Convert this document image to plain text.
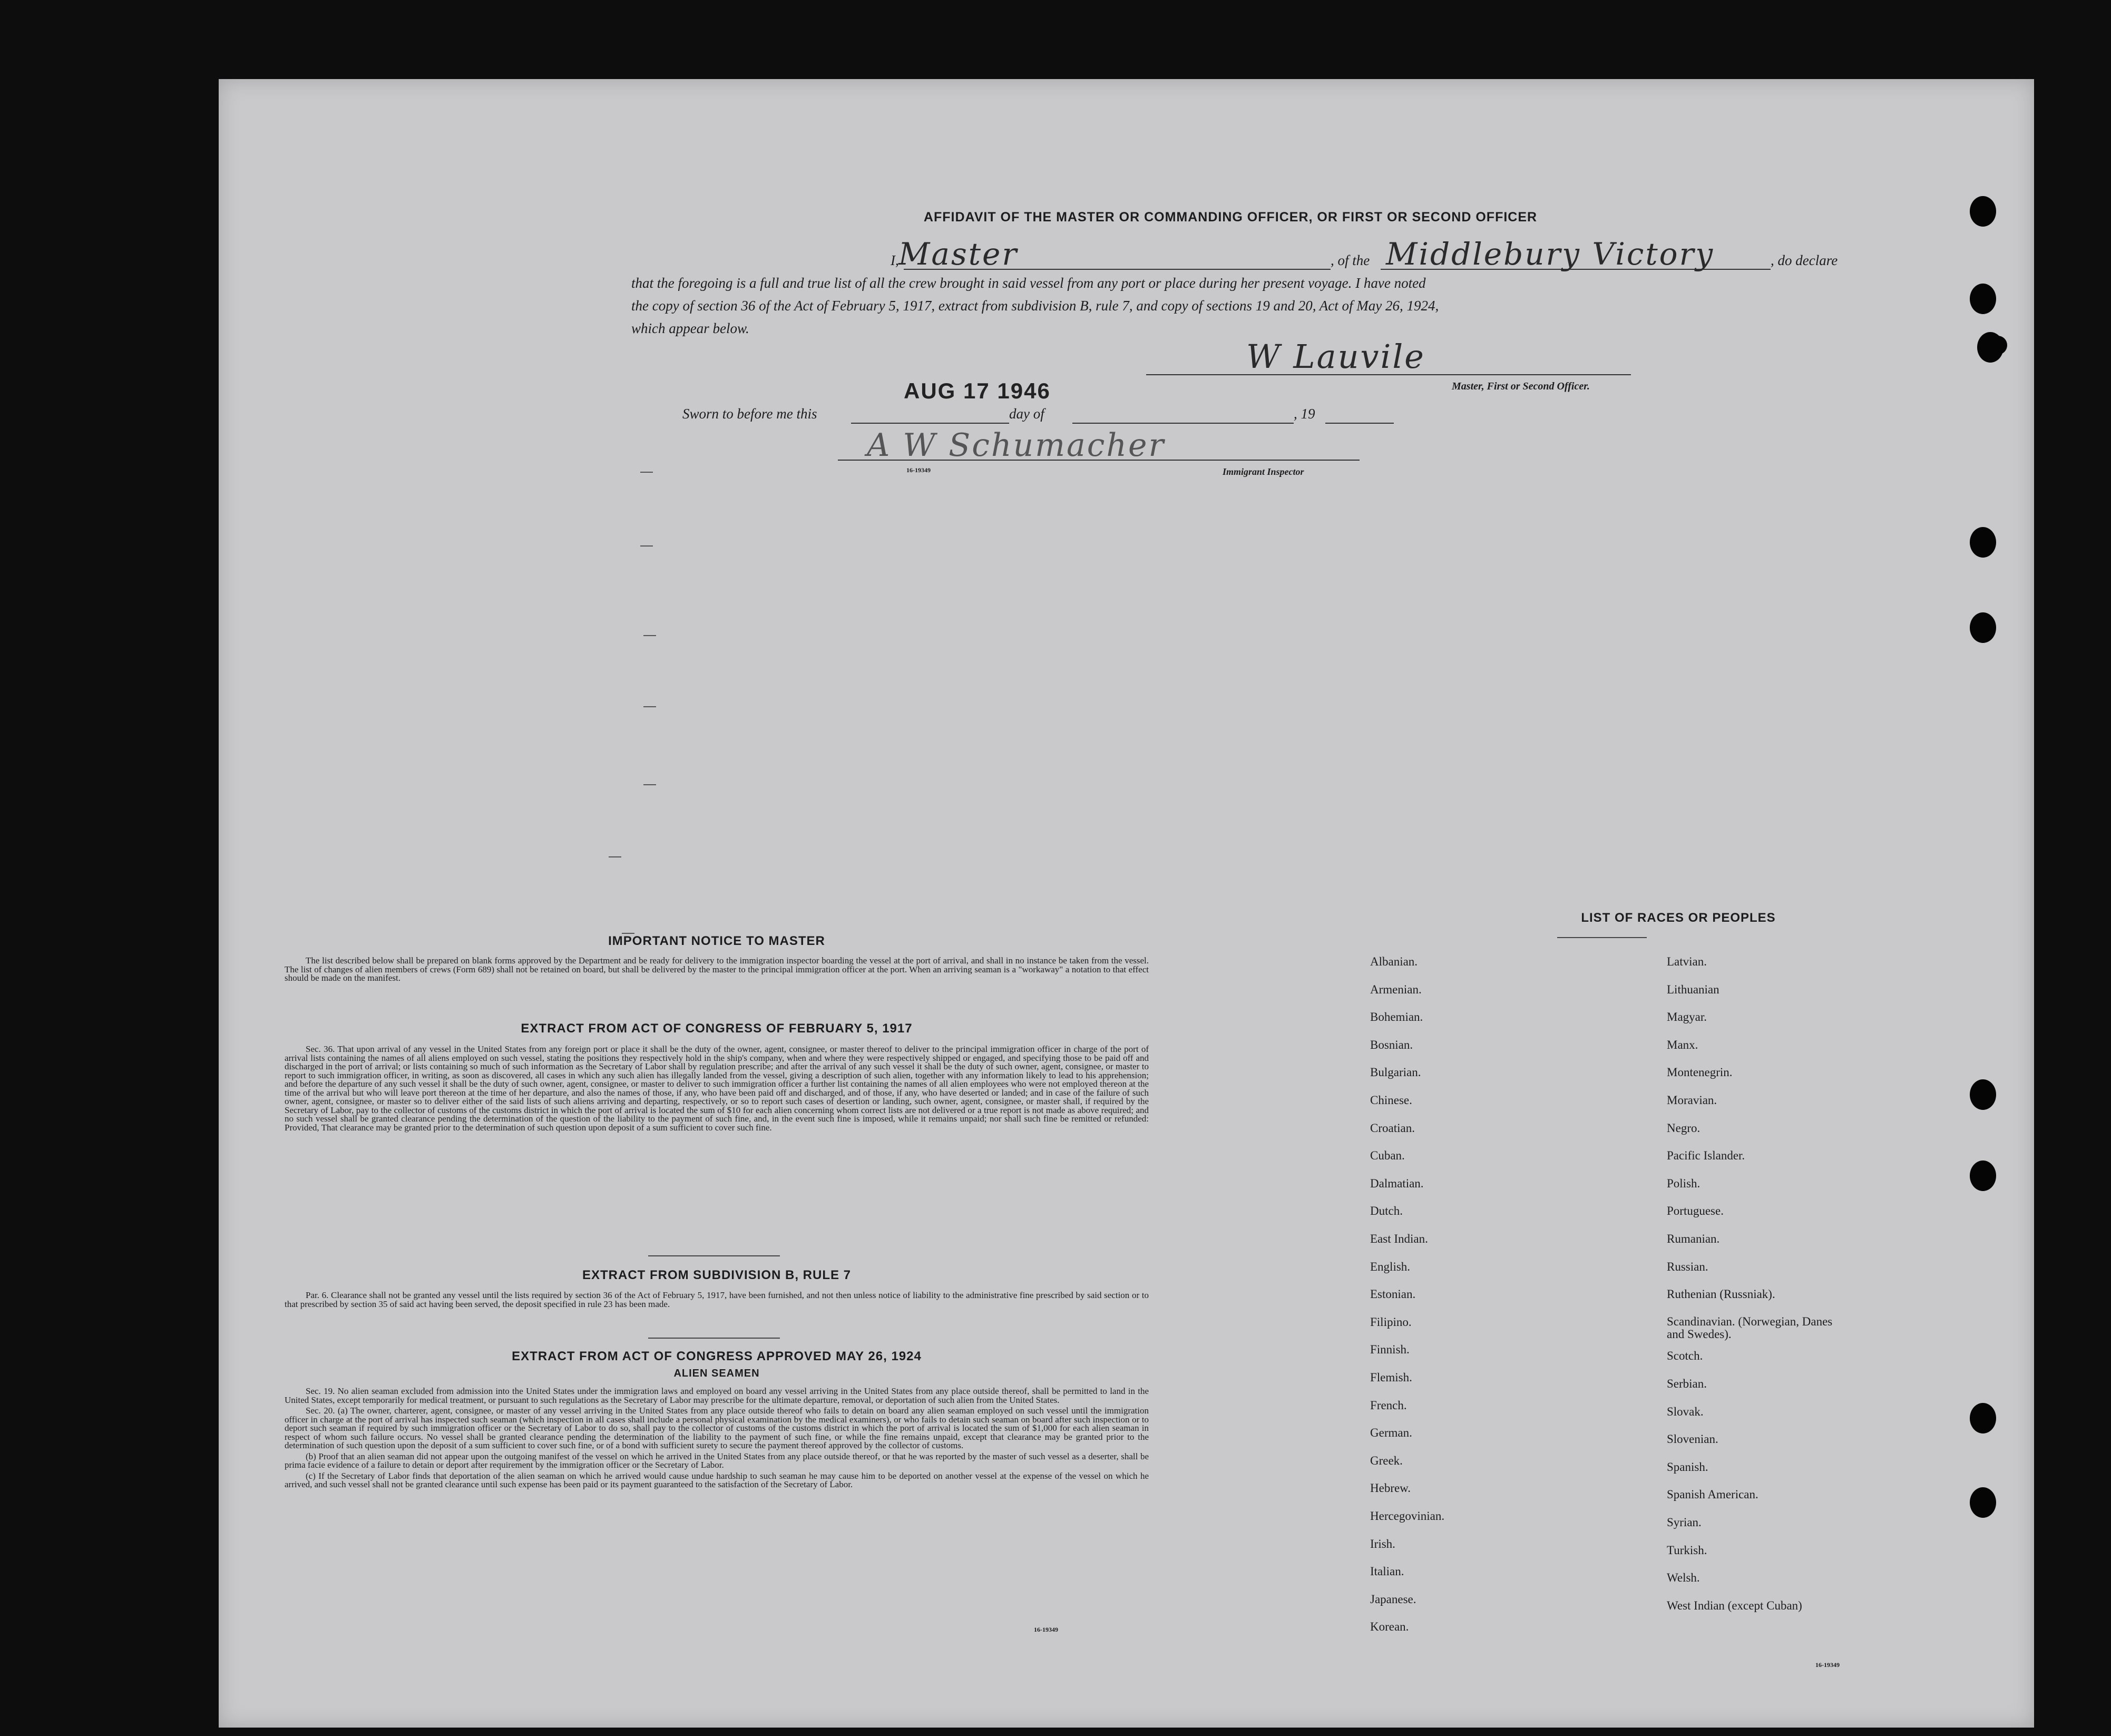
AFFIDAVIT OF THE MASTER OR COMMANDING OFFICER, OR FIRST OR SECOND OFFICER
I, Master	, of the Middlebury Victory	, do declare
that the foregoing is a full and true list of all the crew brought in said vessel from any port or place during her present voyage. I have noted
the copy of section 36 of the Act of February 5, 1917, extract from subdivision B, rule 7, and copy of sections 19 and 20, Act of May 26, 1924,
which appear below.
W Lauvile
Master, First or Second Officer.
AUG 17 1946
Sworn to before me this	day of	, 19
A W Schumacher
16-19349	Immigrant Inspector
IMPORTANT NOTICE TO MASTER

The list described below shall be prepared on blank forms approved by the Department and be ready for delivery to the immigration inspector boarding the vessel at the port of arrival, and shall in no instance be taken from the vessel. The list of changes of alien members of crews (Form 689) shall not be retained on board, but shall be delivered by the master to the principal immigration officer at the port. When an arriving seaman is a "workaway" a notation to that effect should be made on the manifest.

EXTRACT FROM ACT OF CONGRESS OF FEBRUARY 5, 1917

Sec. 36. That upon arrival of any vessel in the United States from any foreign port or place it shall be the duty of the owner, agent, consignee, or master thereof to deliver to the principal immigration officer in charge of the port of arrival lists containing the names of all aliens employed on such vessel, stating the positions they respectively hold in the ship's company, when and where they were respectively shipped or engaged, and specifying those to be paid off and discharged in the port of arrival; or lists containing so much of such information as the Secretary of Labor shall by regulation prescribe; and after the arrival of any such vessel it shall be the duty of such owner, agent, consignee, or master to report to such immigration officer, in writing, as soon as discovered, all cases in which any such alien has illegally landed from the vessel, giving a description of such alien, together with any information likely to lead to his apprehension; and before the departure of any such vessel it shall be the duty of such owner, agent, consignee, or master to deliver to such immigration officer a further list containing the names of all alien employees who were not employed thereon at the time of the arrival but who will leave port thereon at the time of her departure, and also the names of those, if any, who have been paid off and discharged, and of those, if any, who have deserted or landed; and in case of the failure of such owner, agent, consignee, or master so to deliver either of the said lists of such aliens arriving and departing, respectively, or so to report such cases of desertion or landing, such owner, agent, consignee, or master shall, if required by the Secretary of Labor, pay to the collector of customs of the customs district in which the port of arrival is located the sum of $10 for each alien concerning whom correct lists are not delivered or a true report is not made as above required; and no such vessel shall be granted clearance pending the determination of the question of the liability to the payment of such fine, and, in the event such fine is imposed, while it remains unpaid; nor shall such fine be remitted or refunded: Provided, That clearance may be granted prior to the determination of such question upon deposit of a sum sufficient to cover such fine.

EXTRACT FROM SUBDIVISION B, RULE 7

Par. 6. Clearance shall not be granted any vessel until the lists required by section 36 of the Act of February 5, 1917, have been furnished, and not then unless notice of liability to the administrative fine prescribed by said section or to that prescribed by section 35 of said act having been served, the deposit specified in rule 23 has been made.

EXTRACT FROM ACT OF CONGRESS APPROVED MAY 26, 1924
ALIEN SEAMEN

Sec. 19. No alien seaman excluded from admission into the United States under the immigration laws and employed on board any vessel arriving in the United States from any place outside thereof, shall be permitted to land in the United States, except temporarily for medical treatment, or pursuant to such regulations as the Secretary of Labor may prescribe for the ultimate departure, removal, or deportation of such alien from the United States.

Sec. 20. (a) The owner, charterer, agent, consignee, or master of any vessel arriving in the United States from any place outside thereof who fails to detain on board any alien seaman employed on such vessel until the immigration officer in charge at the port of arrival has inspected such seaman (which inspection in all cases shall include a personal physical examination by the medical examiners), or who fails to detain such seaman on board after such inspection or to deport such seaman if required by such immigration officer or the Secretary of Labor to do so, shall pay to the collector of customs of the customs district in which the port of arrival is located the sum of $1,000 for each alien seaman in respect of whom such failure occurs. No vessel shall be granted clearance pending the determination of the liability to the payment of such fine, or while the fine remains unpaid, except that clearance may be granted prior to the determination of such question upon the deposit of a sum sufficient to cover such fine, or of a bond with sufficient surety to secure the payment thereof approved by the collector of customs.

(b) Proof that an alien seaman did not appear upon the outgoing manifest of the vessel on which he arrived in the United States from any place outside thereof, or that he was reported by the master of such vessel as a deserter, shall be prima facie evidence of a failure to detain or deport after requirement by the immigration officer or the Secretary of Labor.

(c) If the Secretary of Labor finds that deportation of the alien seaman on which he arrived would cause undue hardship to such seaman he may cause him to be deported on another vessel at the expense of the vessel on which he arrived, and such vessel shall not be granted clearance until such expense has been paid or its payment guaranteed to the satisfaction of the Secretary of Labor.

16-19349
LIST OF RACES OR PEOPLES
Albanian.
Armenian.
Bohemian.
Bosnian.
Bulgarian.
Chinese.
Croatian.
Cuban.
Dalmatian.
Dutch.
East Indian.
English.
Estonian.
Filipino.
Finnish.
Flemish.
French.
German.
Greek.
Hebrew.
Hercegovinian.
Irish.
Italian.
Japanese.
Korean.
Latvian.
Lithuanian
Magyar.
Manx.
Montenegrin.
Moravian.
Negro.
Pacific Islander.
Polish.
Portuguese.
Rumanian.
Russian.
Ruthenian (Russniak).
Scandinavian. (Norwegian, Danes and Swedes).
Scotch.
Serbian.
Slovak.
Slovenian.
Spanish.
Spanish American.
Syrian.
Turkish.
Welsh.
West Indian (except Cuban)
16-19349
